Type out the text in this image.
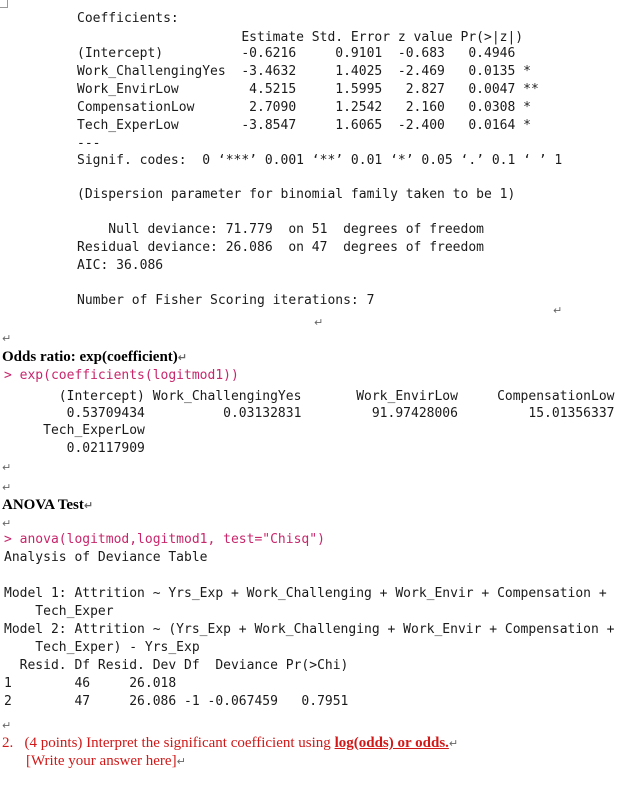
Coefficients:
Estimate Std. Error z value Pr(>|z|)
(Intercept)          -0.6216     0.9101  -0.683   0.4946
Work_ChallengingYes  -3.4632     1.4025  -2.469   0.0135 *
Work_EnvirLow         4.5215     1.5995   2.827   0.0047 **
CompensationLow       2.7090     1.2542   2.160   0.0308 *
Tech_ExperLow        -3.8547     1.6065  -2.400   0.0164 *
---
Signif. codes:  0 ‘***’ 0.001 ‘**’ 0.01 ‘*’ 0.05 ‘.’ 0.1 ‘ ’ 1
(Dispersion parameter for binomial family taken to be 1)
Null deviance: 71.779  on 51  degrees of freedom
Residual deviance: 26.086  on 47  degrees of freedom
AIC: 36.086
Number of Fisher Scoring iterations: 7
↵
↵
↵
Odds ratio: exp(coefficient)↵
> exp(coefficients(logitmod1))
(Intercept) Work_ChallengingYes       Work_EnvirLow     CompensationLow
0.53709434          0.03132831         91.97428006         15.01356337
Tech_ExperLow
0.02117909
↵
↵
ANOVA Test↵
↵
> anova(logitmod,logitmod1, test="Chisq")
Analysis of Deviance Table
Model 1: Attrition ~ Yrs_Exp + Work_Challenging + Work_Envir + Compensation +
Tech_Exper
Model 2: Attrition ~ (Yrs_Exp + Work_Challenging + Work_Envir + Compensation +
Tech_Exper) - Yrs_Exp
Resid. Df Resid. Dev Df  Deviance Pr(>Chi)
1        46     26.018
2        47     26.086 -1 -0.067459   0.7951
↵
2. (4 points) Interpret the significant coefficient using log(odds) or odds.↵
[Write your answer here]↵
